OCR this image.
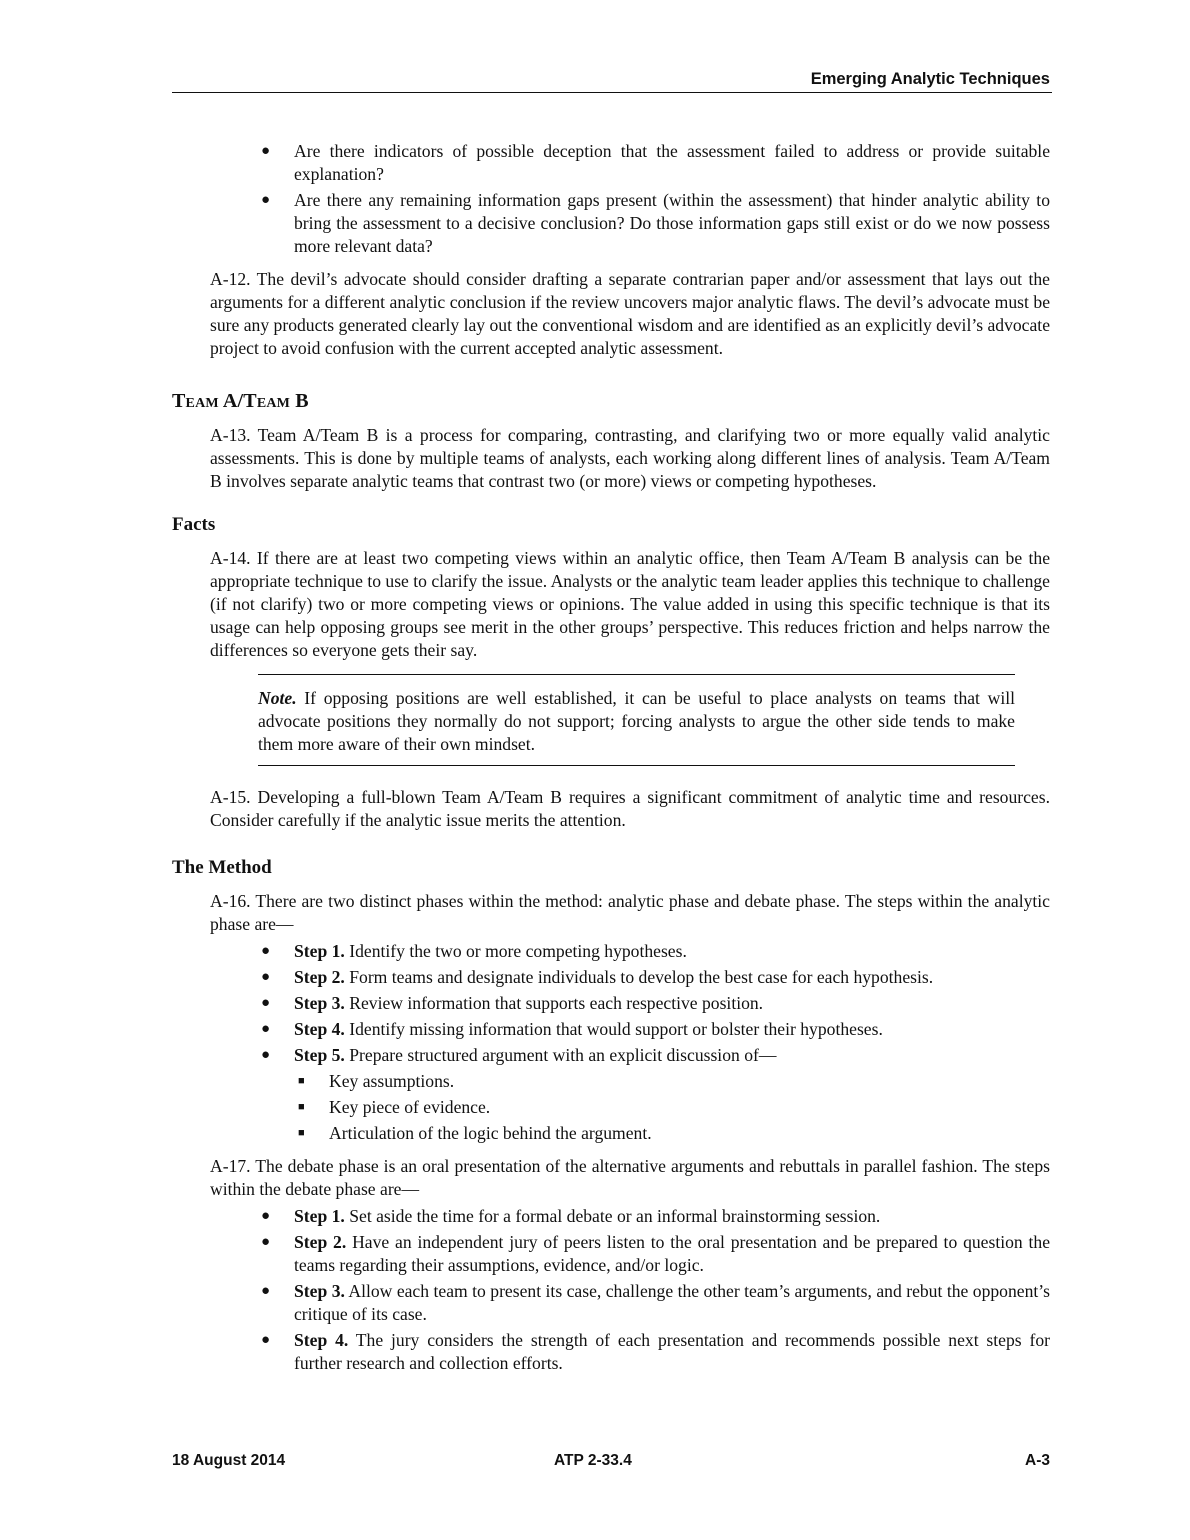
Emerging Analytic Techniques
● Are there indicators of possible deception that the assessment failed to address or provide suitable explanation?
● Are there any remaining information gaps present (within the assessment) that hinder analytic ability to bring the assessment to a decisive conclusion? Do those information gaps still exist or do we now possess more relevant data?

A-12. The devil’s advocate should consider drafting a separate contrarian paper and/or assessment that lays out the arguments for a different analytic conclusion if the review uncovers major analytic flaws. The devil’s advocate must be sure any products generated clearly lay out the conventional wisdom and are identified as an explicitly devil’s advocate project to avoid confusion with the current accepted analytic assessment.

Team A/Team B

A-13. Team A/Team B is a process for comparing, contrasting, and clarifying two or more equally valid analytic assessments. This is done by multiple teams of analysts, each working along different lines of analysis. Team A/Team B involves separate analytic teams that contrast two (or more) views or competing hypotheses.

Facts

A-14. If there are at least two competing views within an analytic office, then Team A/Team B analysis can be the appropriate technique to use to clarify the issue. Analysts or the analytic team leader applies this technique to challenge (if not clarify) two or more competing views or opinions. The value added in using this specific technique is that its usage can help opposing groups see merit in the other groups’ perspective. This reduces friction and helps narrow the differences so everyone gets their say.

Note. If opposing positions are well established, it can be useful to place analysts on teams that will advocate positions they normally do not support; forcing analysts to argue the other side tends to make them more aware of their own mindset.

A-15. Developing a full-blown Team A/Team B requires a significant commitment of analytic time and resources. Consider carefully if the analytic issue merits the attention.

The Method

A-16. There are two distinct phases within the method: analytic phase and debate phase. The steps within the analytic phase are—

● Step 1. Identify the two or more competing hypotheses.
● Step 2. Form teams and designate individuals to develop the best case for each hypothesis.
● Step 3. Review information that supports each respective position.
● Step 4. Identify missing information that would support or bolster their hypotheses.
● Step 5. Prepare structured argument with an explicit discussion of—
■ Key assumptions.
■ Key piece of evidence.
■ Articulation of the logic behind the argument.

A-17. The debate phase is an oral presentation of the alternative arguments and rebuttals in parallel fashion. The steps within the debate phase are—

● Step 1. Set aside the time for a formal debate or an informal brainstorming session.
● Step 2. Have an independent jury of peers listen to the oral presentation and be prepared to question the teams regarding their assumptions, evidence, and/or logic.
● Step 3. Allow each team to present its case, challenge the other team’s arguments, and rebut the opponent’s critique of its case.
● Step 4. The jury considers the strength of each presentation and recommends possible next steps for further research and collection efforts.
18 August 2014	ATP 2-33.4	A-3
